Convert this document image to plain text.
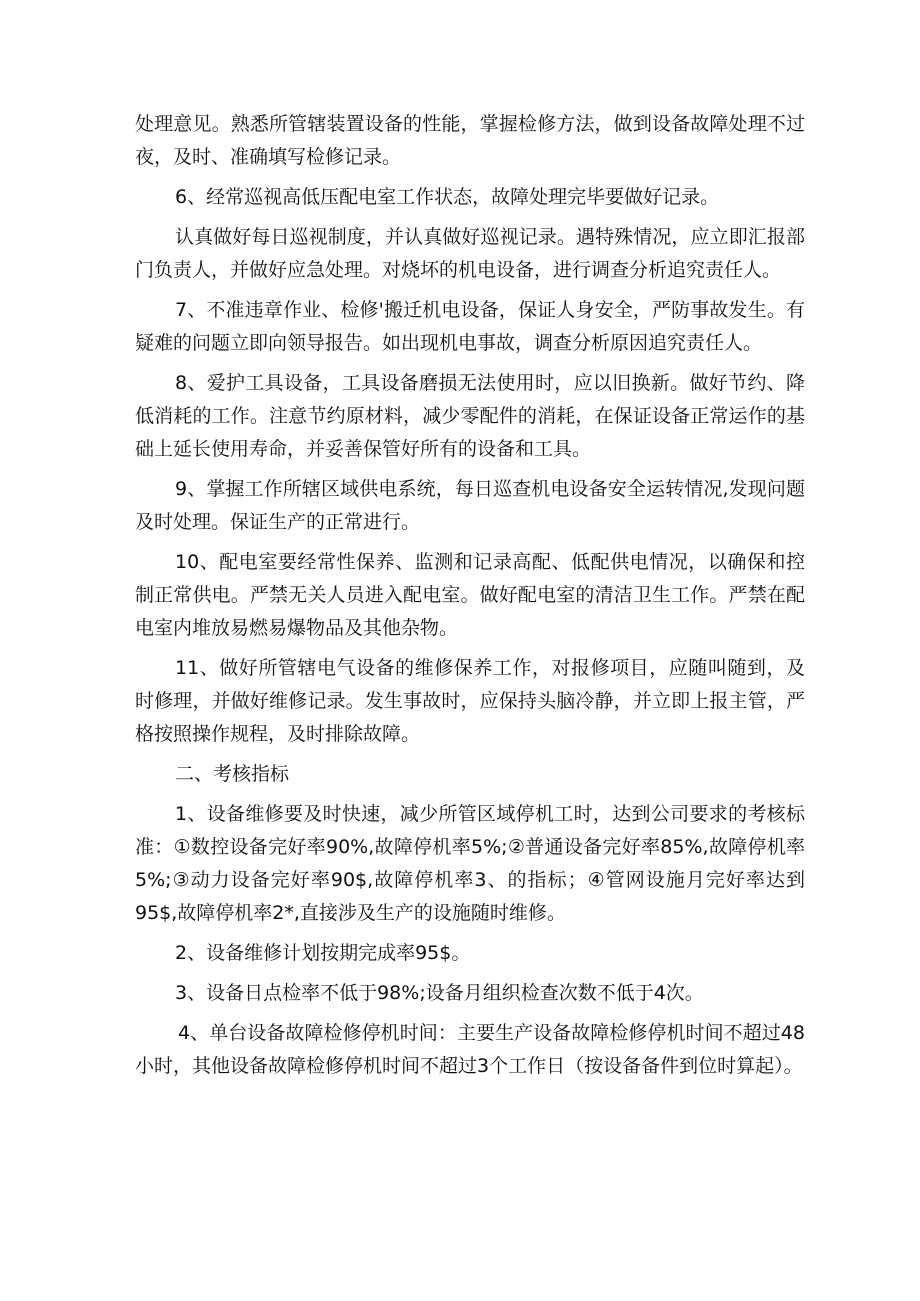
处理意见。熟悉所管辖装置设备的性能，掌握检修方法，做到设备故障处理不过夜，及时、准确填写检修记录。

6、经常巡视高低压配电室工作状态，故障处理完毕要做好记录。

认真做好每日巡视制度，并认真做好巡视记录。遇特殊情况，应立即汇报部门负责人，并做好应急处理。对烧坏的机电设备，进行调查分析追究责任人。

7、不准违章作业、检修'搬迁机电设备，保证人身安全，严防事故发生。有疑难的问题立即向领导报告。如出现机电事故，调查分析原因追究责任人。

8、爱护工具设备，工具设备磨损无法使用时，应以旧换新。做好节约、降低消耗的工作。注意节约原材料，减少零配件的消耗，在保证设备正常运作的基础上延长使用寿命，并妥善保管好所有的设备和工具。

9、掌握工作所辖区域供电系统，每日巡查机电设备安全运转情况,发现问题及时处理。保证生产的正常进行。

10、配电室要经常性保养、监测和记录高配、低配供电情况，以确保和控制正常供电。严禁无关人员进入配电室。做好配电室的清洁卫生工作。严禁在配电室内堆放易燃易爆物品及其他杂物。

11、做好所管辖电气设备的维修保养工作，对报修项目，应随叫随到，及时修理，并做好维修记录。发生事故时，应保持头脑冷静，并立即上报主管，严格按照操作规程，及时排除故障。

二、考核指标

1、设备维修要及时快速，减少所管区域停机工时，达到公司要求的考核标准：①数控设备完好率90%,故障停机率5%;②普通设备完好率85%,故障停机率5%;③动力设备完好率90$,故障停机率3、的指标；④管网设施月完好率达到95$,故障停机率2*,直接涉及生产的设施随时维修。

2、设备维修计划按期完成率95$。

3、设备日点检率不低于98%;设备月组织检查次数不低于4次。

4、单台设备故障检修停机时间：主要生产设备故障检修停机时间不超过48小时，其他设备故障检修停机时间不超过3个工作日（按设备备件到位时算起）。
